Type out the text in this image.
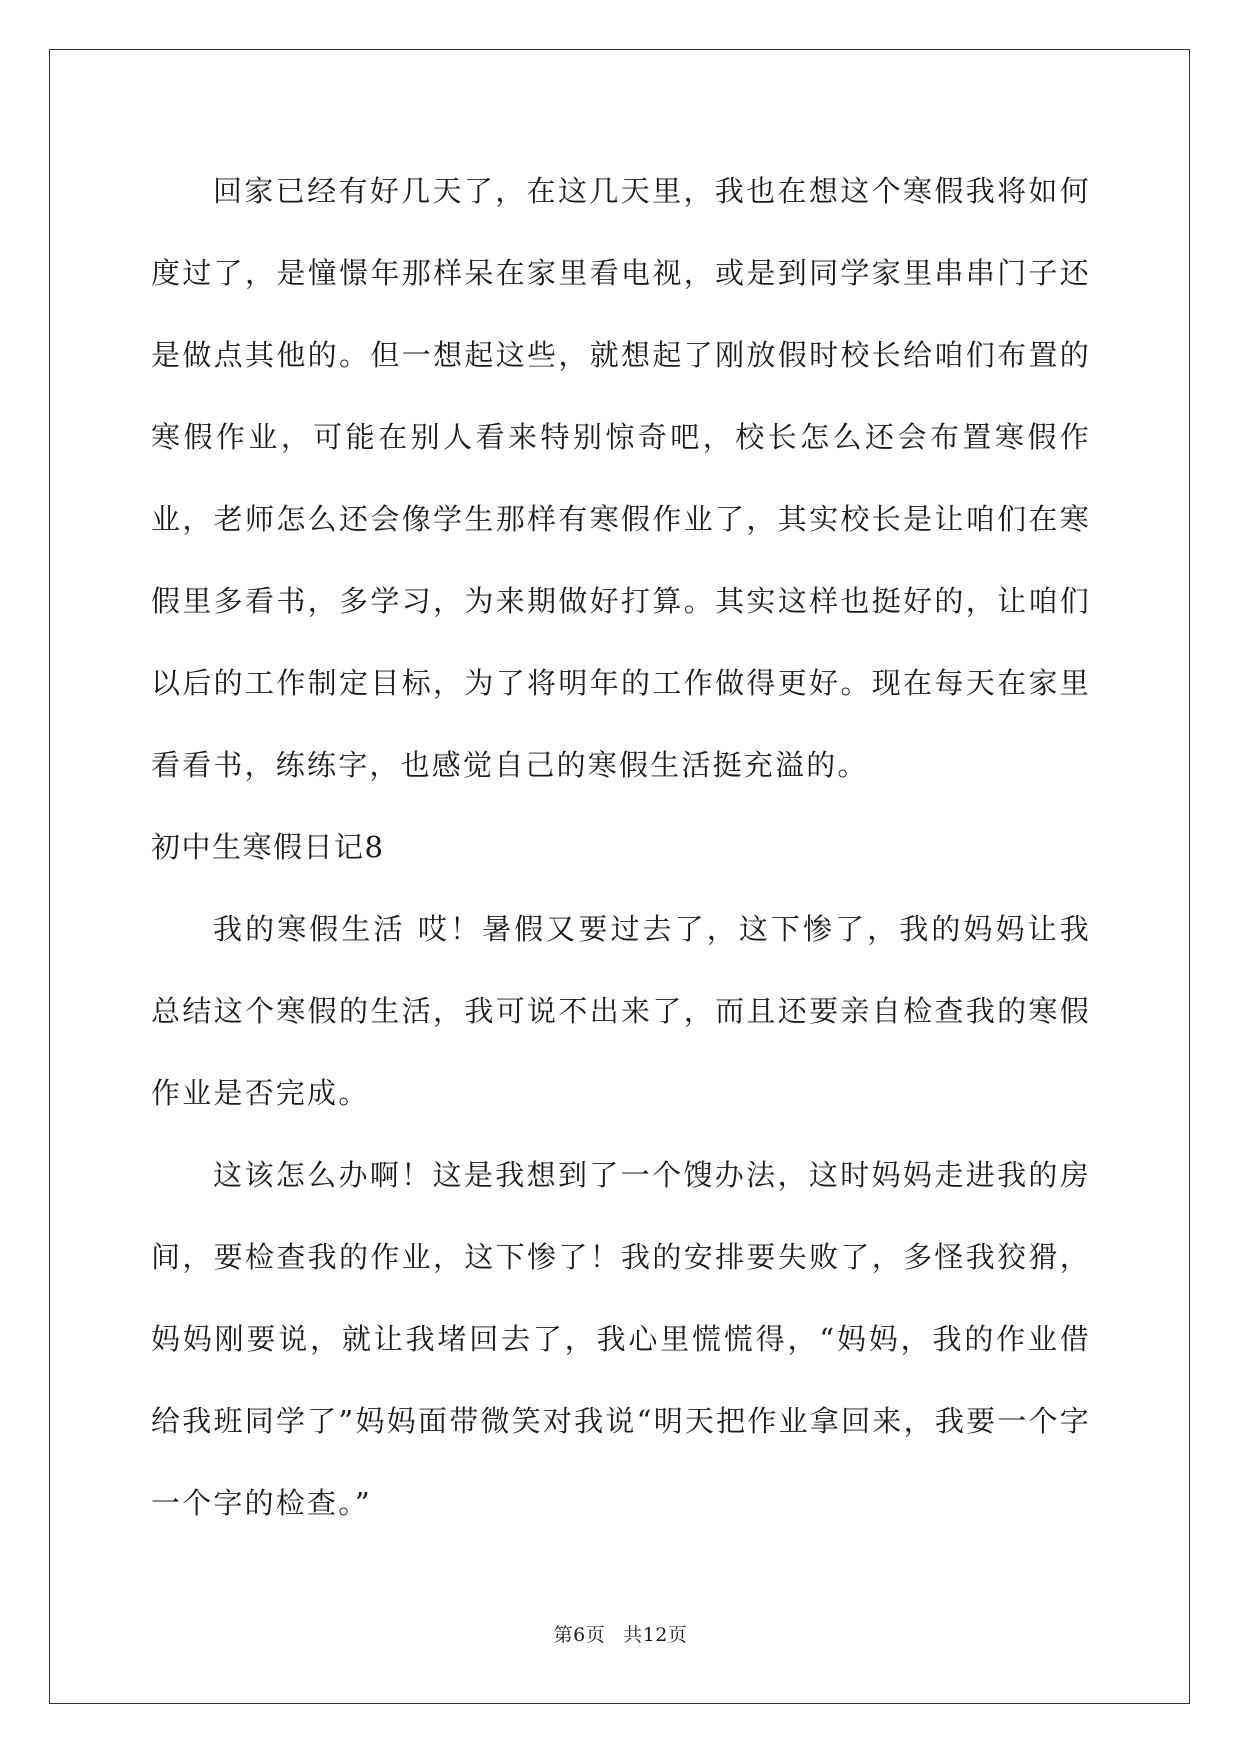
回家已经有好几天了，在这几天里，我也在想这个寒假我将如何度过了，是憧憬年那样呆在家里看电视，或是到同学家里串串门子还是做点其他的。但一想起这些，就想起了刚放假时校长给咱们布置的寒假作业，可能在别人看来特别惊奇吧，校长怎么还会布置寒假作业，老师怎么还会像学生那样有寒假作业了，其实校长是让咱们在寒假里多看书，多学习，为来期做好打算。其实这样也挺好的，让咱们以后的工作制定目标，为了将明年的工作做得更好。现在每天在家里看看书，练练字，也感觉自己的寒假生活挺充溢的。

初中生寒假日记8

我的寒假生活 哎！暑假又要过去了，这下惨了，我的妈妈让我总结这个寒假的生活，我可说不出来了，而且还要亲自检查我的寒假作业是否完成。

这该怎么办啊！这是我想到了一个馊办法，这时妈妈走进我的房间，要检查我的作业，这下惨了！我的安排要失败了，多怪我狡猾，妈妈刚要说，就让我堵回去了，我心里慌慌得，“妈妈，我的作业借给我班同学了”妈妈面带微笑对我说“明天把作业拿回来，我要一个字一个字的检查。”

第6页 共12页
